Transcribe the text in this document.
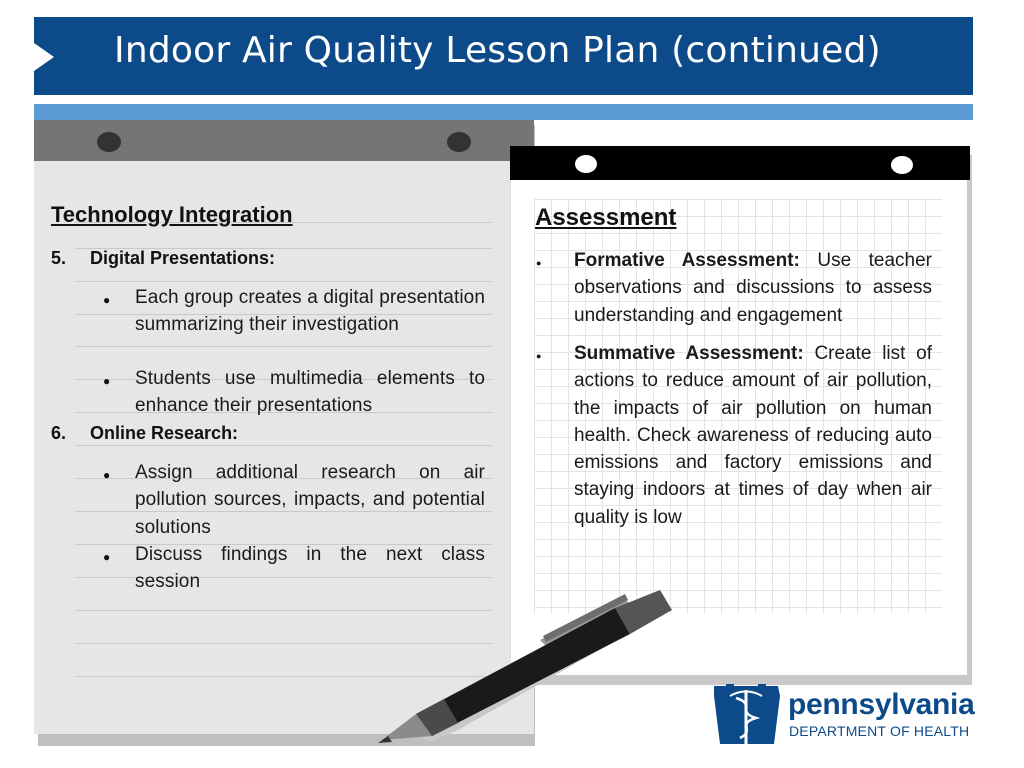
Indoor Air Quality Lesson Plan (continued)
Technology Integration
5. Digital Presentations:
● Each group creates a digital presentation summarizing their investigation
● Students use multimedia elements to enhance their presentations
6. Online Research:
● Assign additional research on air pollution sources, impacts, and potential solutions
● Discuss findings in the next class session
Assessment
● Formative Assessment: Use teacher observations and discussions to assess understanding and engagement
● Summative Assessment: Create list of actions to reduce amount of air pollution, the impacts of air pollution on human health. Check awareness of reducing auto emissions and factory emissions and staying indoors at times of day when air quality is low
pennsylvania
DEPARTMENT OF HEALTH
